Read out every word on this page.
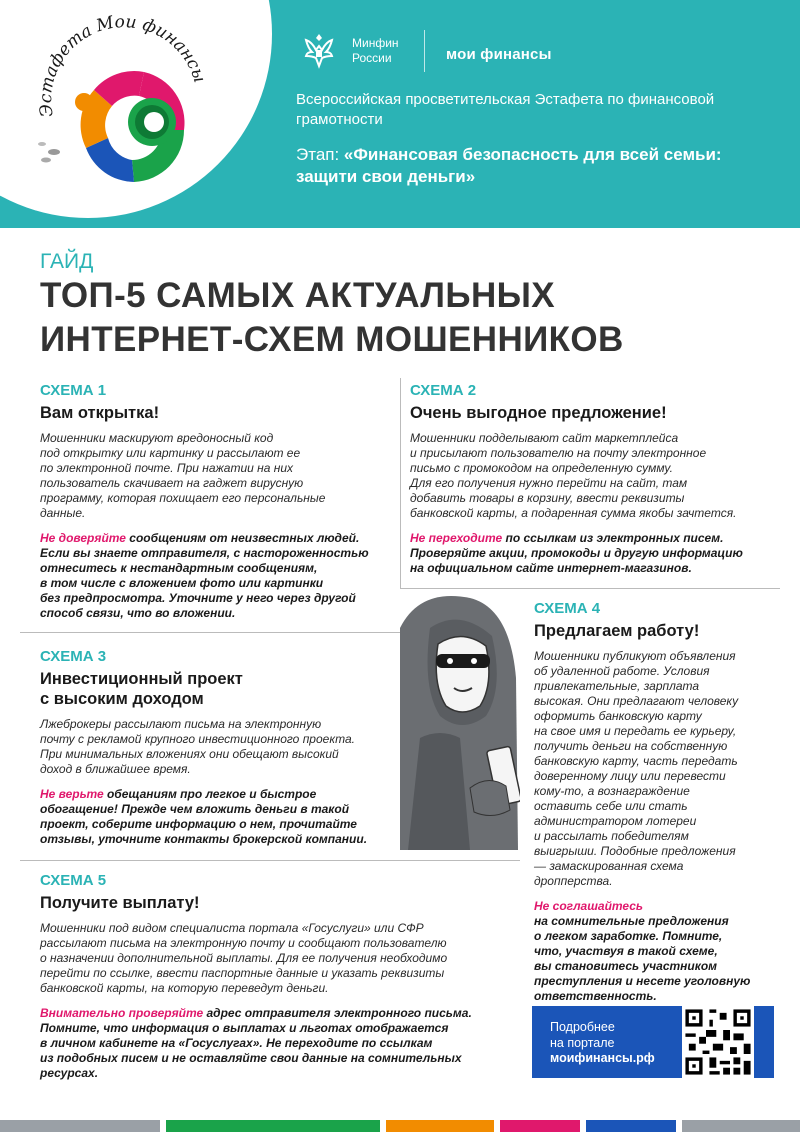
Эстафета Мои финансы
Минфин
России	мои финансы
Всероссийская просветительская Эстафета по финансовой грамотности
Этап: «Финансовая безопасность для всей семьи: защити свои деньги»
ГАЙД
ТОП-5 САМЫХ АКТУАЛЬНЫХ ИНТЕРНЕТ-СХЕМ МОШЕННИКОВ
СХЕМА 1
Вам открытка!
Мошенники маскируют вредоносный код
под открытку или картинку и рассылают ее
по электронной почте. При нажатии на них
пользователь скачивает на гаджет вирусную
программу, которая похищает его персональные
данные.
Не доверяйте сообщениям от неизвестных людей.
Если вы знаете отправителя, с настороженностью
отнеситесь к нестандартным сообщениям,
в том числе с вложением фото или картинки
без предпросмотра. Уточните у него через другой
способ связи, что во вложении.
СХЕМА 2
Очень выгодное предложение!
Мошенники подделывают сайт маркетплейса
и присылают пользователю на почту электронное
письмо с промокодом на определенную сумму.
Для его получения нужно перейти на сайт, там
добавить товары в корзину, ввести реквизиты
банковской карты, а подаренная сумма якобы зачтется.
Не переходите по ссылкам из электронных писем.
Проверяйте акции, промокоды и другую информацию
на официальном сайте интернет-магазинов.
СХЕМА 3
Инвестиционный проект
с высоким доходом
Лжеброкеры рассылают письма на электронную
почту с рекламой крупного инвестиционного проекта.
При минимальных вложениях они обещают высокий
доход в ближайшее время.
Не верьте обещаниям про легкое и быстрое
обогащение! Прежде чем вложить деньги в такой
проект, соберите информацию о нем, прочитайте
отзывы, уточните контакты брокерской компании.
СХЕМА 4
Предлагаем работу!
Мошенники публикуют объявления
об удаленной работе. Условия
привлекательные, зарплата
высокая. Они предлагают человеку
оформить банковскую карту
на свое имя и передать ее курьеру,
получить деньги на собственную
банковскую карту, часть передать
доверенному лицу или перевести
кому-то, а вознаграждение
оставить себе или стать
администратором лотереи
и рассылать победителям
выигрыши. Подобные предложения
— замаскированная схема
дропперства.
Не соглашайтесь
на сомнительные предложения
о легком заработке. Помните,
что, участвуя в такой схеме,
вы становитесь участником
преступления и несете уголовную
ответственность.
СХЕМА 5
Получите выплату!
Мошенники под видом специалиста портала «Госуслуги» или СФР
рассылают письма на электронную почту и сообщают пользователю
о назначении дополнительной выплаты. Для ее получения необходимо
перейти по ссылке, ввести паспортные данные и указать реквизиты
банковской карты, на которую переведут деньги.
Внимательно проверяйте адрес отправителя электронного письма.
Помните, что информация о выплатах и льготах отображается
в личном кабинете на «Госуслугах». Не переходите по ссылкам
из подобных писем и не оставляйте свои данные на сомнительных
ресурсах.
Подробнее
на портале
моифинансы.рф
